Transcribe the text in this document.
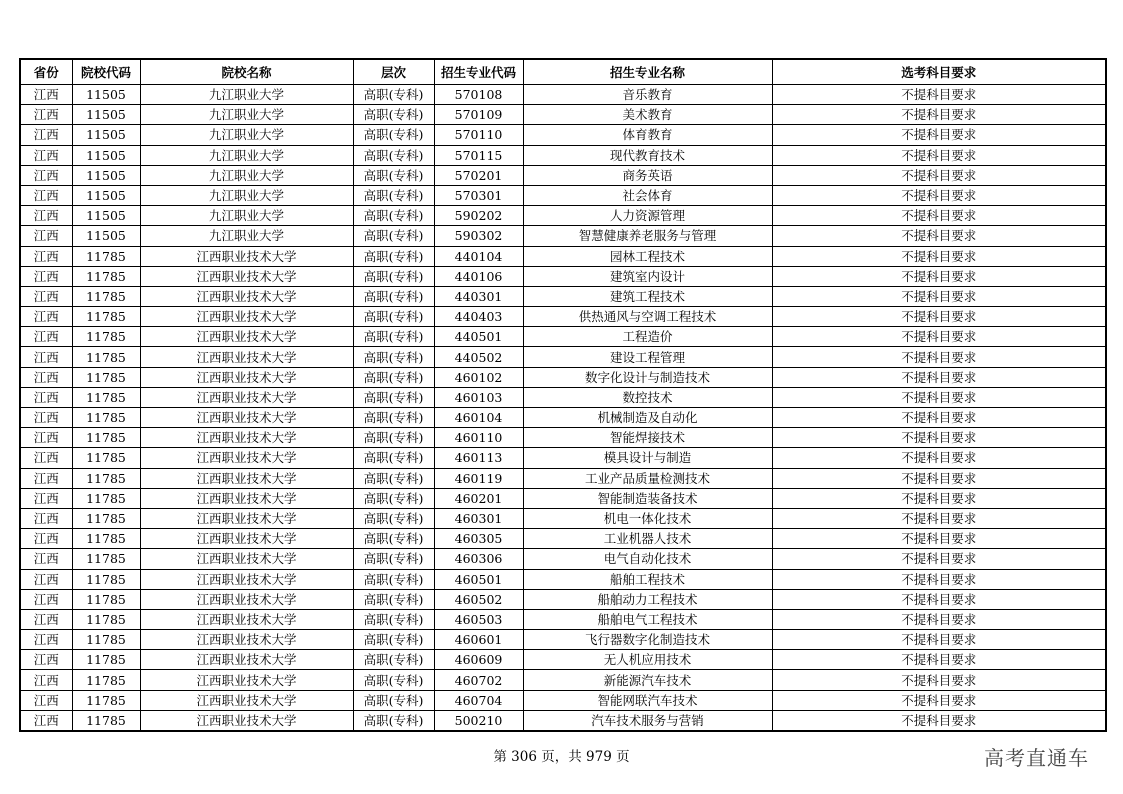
省份	院校代码	院校名称	层次	招生专业代码	招生专业名称	选考科目要求
江西	11505	九江职业大学	高职(专科)	570108	音乐教育	不提科目要求
江西	11505	九江职业大学	高职(专科)	570109	美术教育	不提科目要求
江西	11505	九江职业大学	高职(专科)	570110	体育教育	不提科目要求
江西	11505	九江职业大学	高职(专科)	570115	现代教育技术	不提科目要求
江西	11505	九江职业大学	高职(专科)	570201	商务英语	不提科目要求
江西	11505	九江职业大学	高职(专科)	570301	社会体育	不提科目要求
江西	11505	九江职业大学	高职(专科)	590202	人力资源管理	不提科目要求
江西	11505	九江职业大学	高职(专科)	590302	智慧健康养老服务与管理	不提科目要求
江西	11785	江西职业技术大学	高职(专科)	440104	园林工程技术	不提科目要求
江西	11785	江西职业技术大学	高职(专科)	440106	建筑室内设计	不提科目要求
江西	11785	江西职业技术大学	高职(专科)	440301	建筑工程技术	不提科目要求
江西	11785	江西职业技术大学	高职(专科)	440403	供热通风与空调工程技术	不提科目要求
江西	11785	江西职业技术大学	高职(专科)	440501	工程造价	不提科目要求
江西	11785	江西职业技术大学	高职(专科)	440502	建设工程管理	不提科目要求
江西	11785	江西职业技术大学	高职(专科)	460102	数字化设计与制造技术	不提科目要求
江西	11785	江西职业技术大学	高职(专科)	460103	数控技术	不提科目要求
江西	11785	江西职业技术大学	高职(专科)	460104	机械制造及自动化	不提科目要求
江西	11785	江西职业技术大学	高职(专科)	460110	智能焊接技术	不提科目要求
江西	11785	江西职业技术大学	高职(专科)	460113	模具设计与制造	不提科目要求
江西	11785	江西职业技术大学	高职(专科)	460119	工业产品质量检测技术	不提科目要求
江西	11785	江西职业技术大学	高职(专科)	460201	智能制造装备技术	不提科目要求
江西	11785	江西职业技术大学	高职(专科)	460301	机电一体化技术	不提科目要求
江西	11785	江西职业技术大学	高职(专科)	460305	工业机器人技术	不提科目要求
江西	11785	江西职业技术大学	高职(专科)	460306	电气自动化技术	不提科目要求
江西	11785	江西职业技术大学	高职(专科)	460501	船舶工程技术	不提科目要求
江西	11785	江西职业技术大学	高职(专科)	460502	船舶动力工程技术	不提科目要求
江西	11785	江西职业技术大学	高职(专科)	460503	船舶电气工程技术	不提科目要求
江西	11785	江西职业技术大学	高职(专科)	460601	飞行器数字化制造技术	不提科目要求
江西	11785	江西职业技术大学	高职(专科)	460609	无人机应用技术	不提科目要求
江西	11785	江西职业技术大学	高职(专科)	460702	新能源汽车技术	不提科目要求
江西	11785	江西职业技术大学	高职(专科)	460704	智能网联汽车技术	不提科目要求
江西	11785	江西职业技术大学	高职(专科)	500210	汽车技术服务与营销	不提科目要求
第 306 页，共 979 页	高考直通车
